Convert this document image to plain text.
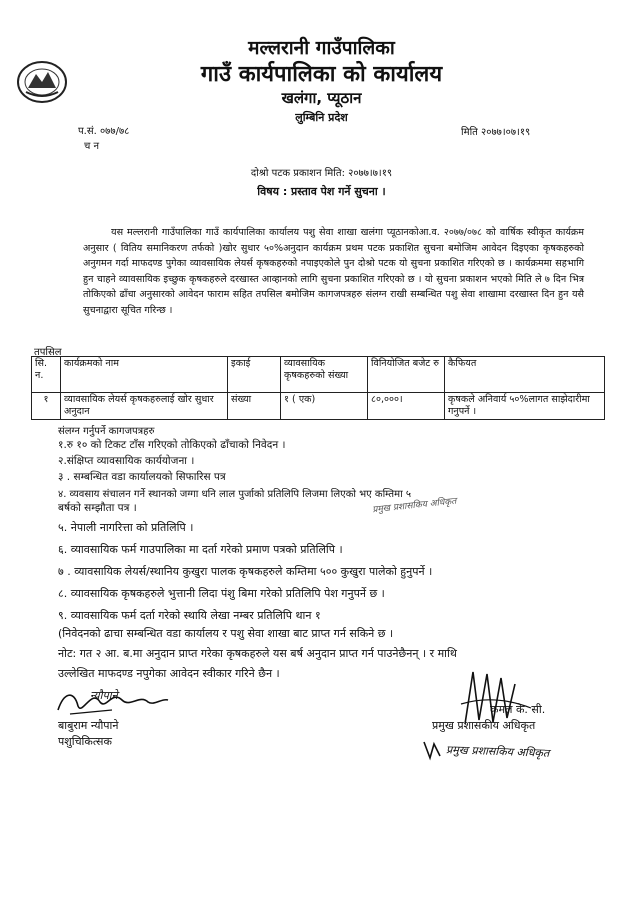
मल्लरानी गाउँपालिका
गाउँ कार्यपालिका को कार्यालय
खलंगा, प्यूठान
लुम्बिनि प्रदेश
प.सं. ०७७/७८
च न
मिति २०७७।०७।१९
दोश्रो पटक प्रकाशन मिति: २०७७।७।१९
विषय : प्रस्ताव पेश गर्ने सुचना ।
यस मल्लरानी गाउँपालिका गाउँ कार्यपालिका कार्यालय पशु सेवा शाखा खलंगा प्यूठानकोआ.व. २०७७/०७८ को वार्षिक स्वीकृत कार्यक्रम अनुसार ( वितिय समानिकरण तर्फको )खोर सुधार ५०%अनुदान कार्यक्रम प्रथम पटक प्रकाशित सुचना बमोजिम आवेदन दिइएका कृषकहरुको अनुगमन गर्दा माफदण्ड पुगेका व्यावसायिक लेयर्स कृषकहरुको नपाइएकोले पुन दोश्रो पटक यो सुचना प्रकाशित गरिएको छ । कार्यक्रममा सहभागि हुन चाहने व्यावसायिक इच्छुक कृषकहरुले दरखास्त आव्हानको लागि सुचना प्रकाशित गरिएको छ । यो सुचना प्रकाशन भएको मिति ले ७ दिन भित्र तोकिएको ढाँचा अनुसारको आवेदन फाराम सहित तपसिल बमोजिम कागजपत्रहरु संलग्न राखी सम्बन्धित पशु सेवा शाखामा दरखास्त दिन हुन यसै सुचनाद्वारा सूचित गरिन्छ ।
तपसिल
सि. न.	कार्यक्रमको नाम	इकाई	व्यावसायिक कृषकहरुको संख्या	विनियोजित बजेट रु	कैफियत
१	व्यावसायिक लेयर्स कृषकहरुलाई खोर सुधार अनुदान	संख्या	१ ( एक)	८०,०००।	कृषकले अनिवार्य ५०%लागत साझेदारीमा गनुपर्ने ।
संलग्न गर्नुपर्ने कागजपत्रहरु
१.रु १० को टिकट टाँस गरिएको तोकिएको ढाँचाको निवेदन ।
२.संक्षिप्त व्यावसायिक कार्ययोजना ।
३ . सम्बन्धित वडा कार्यालयको सिफारिस पत्र
४. व्यवसाय संचालन गर्ने स्थानको जग्गा धनि लाल पुर्जाको प्रतिलिपि लिजमा लिएको भए कम्तिमा ५
बर्षको सम्झौता पत्र ।	प्रमुख प्रशासकिय अधिकृत
५. नेपाली नागरित्ता को प्रतिलिपि ।
६. व्यावसायिक फर्म गाउपालिका मा दर्ता गरेको प्रमाण पत्रको प्रतिलिपि ।
७ . व्यावसायिक लेयर्स/स्थानिय कुखुरा पालक कृषकहरुले कम्तिमा ५०० कुखुरा पालेको हुनुपर्ने ।
८. व्यावसायिक कृषकहरुले भुत्तानी लिदा पंशु बिमा गरेको प्रतिलिपि पेश गनुपर्ने छ ।
९. व्यावसायिक फर्म दर्ता गरेको स्थायि लेखा नम्बर प्रतिलिपि थान १
(निवेदनको ढाचा सम्बन्धित वडा कार्यालय र पशु सेवा शाखा बाट प्राप्त गर्न सकिने छ ।
नोट: गत २ आ. ब.मा अनुदान प्राप्त गरेका कृषकहरुले यस बर्ष अनुदान प्राप्त गर्न पाउनेछैनन् । र माथि
उल्लेखित माफदण्ड नपुगेका आवेदन स्वीकार गरिने छैन ।
न्यौपाने
बाबुराम न्यौपाने
पशुचिकित्सक
कमल के. सी.
प्रमुख प्रशासकीय अधिकृत
प्रमुख प्रशासकिय अधिकृत
